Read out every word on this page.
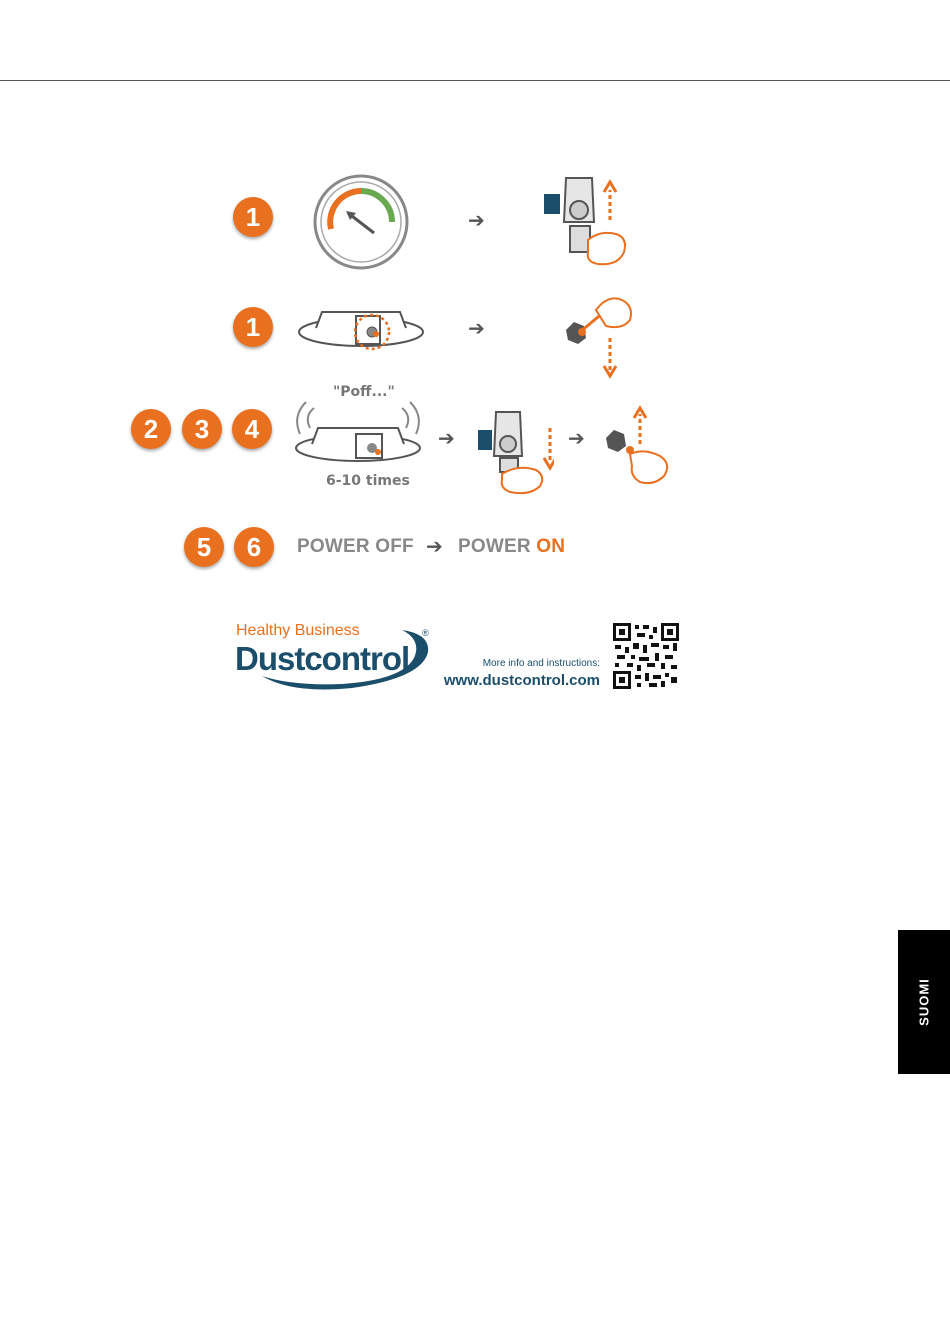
1	➔
1	➔
2	3	4
"Poff..."
6-10 times
➔	➔
5	6	POWER OFF ➔ POWER ON
Healthy Business
Dustcontrol
®
More info and instructions:
www.dustcontrol.com
SUOMI
